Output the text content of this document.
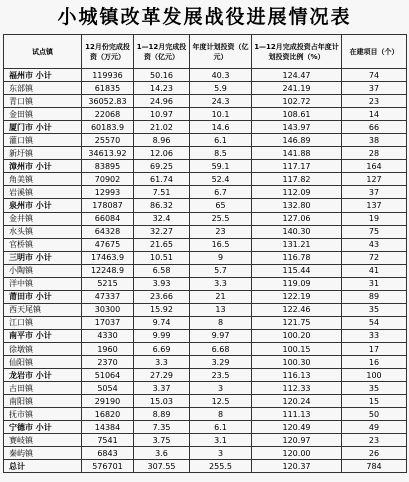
小城镇改革发展战役进展情况表
试点镇	12月份完成投资（万元）	1—12月完成投资（亿元）	年度计划投资（亿元）	1—12月完成投资占年度计划投资比例（%）	在建项目（个）
福州市 小计	119936	50.16	40.3	124.47	74
东部镇	61835	14.23	5.9	241.19	37
青口镇	36052.83	24.96	24.3	102.72	23
金田镇	22068	10.97	10.1	108.61	14
厦门市 小计	60183.9	21.02	14.6	143.97	66
灌口镇	25570	8.96	6.1	146.89	38
新圩镇	34613.92	12.06	8.5	141.88	28
漳州市 小计	83895	69.25	59.1	117.17	164
角美镇	70902	61.74	52.4	117.82	127
岩溪镇	12993	7.51	6.7	112.09	37
泉州市 小计	178087	86.32	65	132.80	137
金井镇	66084	32.4	25.5	127.06	19
水头镇	64328	32.27	23	140.30	75
官桥镇	47675	21.65	16.5	131.21	43
三明市 小计	17463.9	10.51	9	116.78	72
小陶镇	12248.9	6.58	5.7	115.44	41
洋中镇	5215	3.93	3.3	119.09	31
莆田市 小计	47337	23.66	21	122.19	89
西天尾镇	30300	15.92	13	122.46	35
江口镇	17037	9.74	8	121.75	54
南平市 小计	4330	9.99	9.97	100.20	33
徐墩镇	1960	6.69	6.68	100.15	17
仙阳镇	2370	3.3	3.29	100.30	16
龙岩市 小计	51064	27.29	23.5	116.13	100
古田镇	5054	3.37	3	112.33	35
南阳镇	29190	15.03	12.5	120.24	15
抚市镇	16820	8.89	8	111.13	50
宁德市 小计	14384	7.35	6.1	120.49	49
赛岐镇	7541	3.75	3.1	120.97	23
秦屿镇	6843	3.6	3	120.00	26
总计	576701	307.55	255.5	120.37	784
